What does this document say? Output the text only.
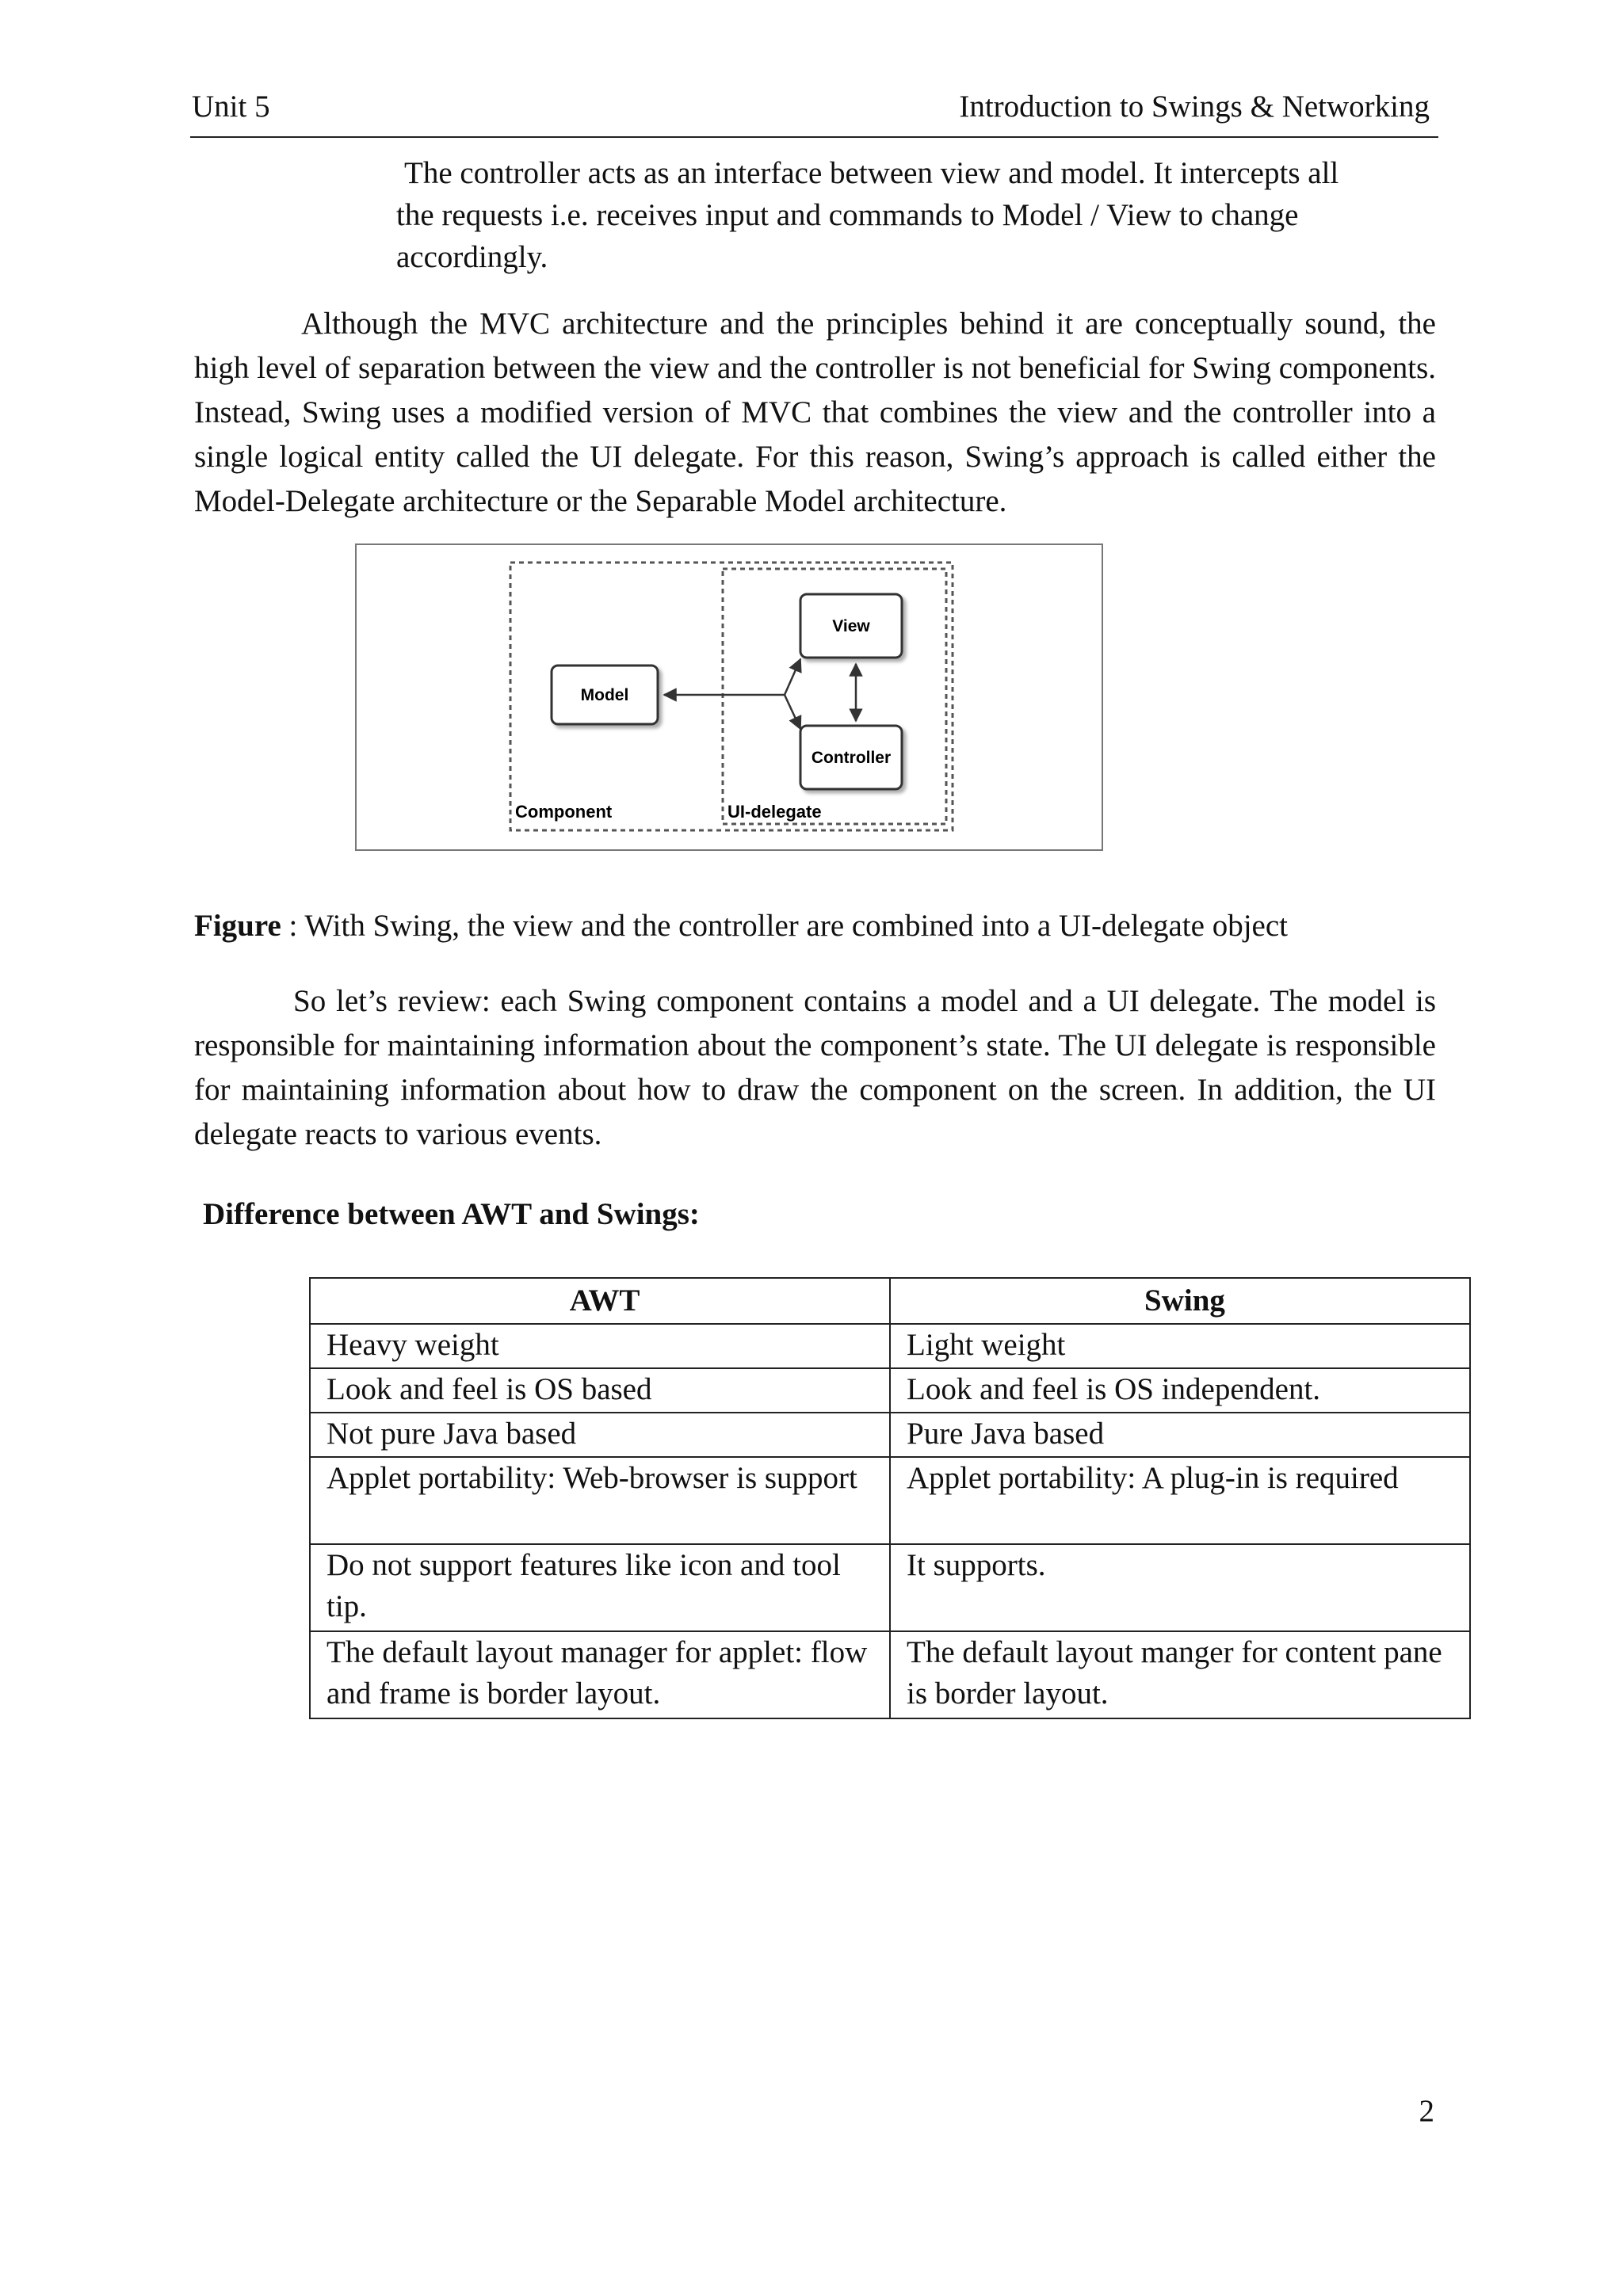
Unit 5	Introduction to Swings & Networking
The controller acts as an interface between view and model. It intercepts all
the requests i.e. receives input and commands to Model / View to change
accordingly.
Although the MVC architecture and the principles behind it are conceptually sound, the high level of separation between the view and the controller is not beneficial for Swing components. Instead, Swing uses a modified version of MVC that combines the view and the controller into a single logical entity called the UI delegate. For this reason, Swing’s approach is called either the Model-Delegate architecture or the Separable Model architecture.
Model
View
Controller
Component	UI-delegate
Figure : With Swing, the view and the controller are combined into a UI-delegate object
So let’s review: each Swing component contains a model and a UI delegate. The model is responsible for maintaining information about the component’s state. The UI delegate is responsible for maintaining information about how to draw the component on the screen. In addition, the UI delegate reacts to various events.
Difference between AWT and Swings:
AWT	Swing
Heavy weight	Light weight
Look and feel is OS based	Look and feel is OS independent.
Not pure Java based	Pure Java based
Applet portability: Web-browser is support	Applet portability: A plug-in is required
Do not support features like icon and tool tip.	It supports.
The default layout manager for applet: flow and frame is border layout.	The default layout manger for content pane is border layout.
2
